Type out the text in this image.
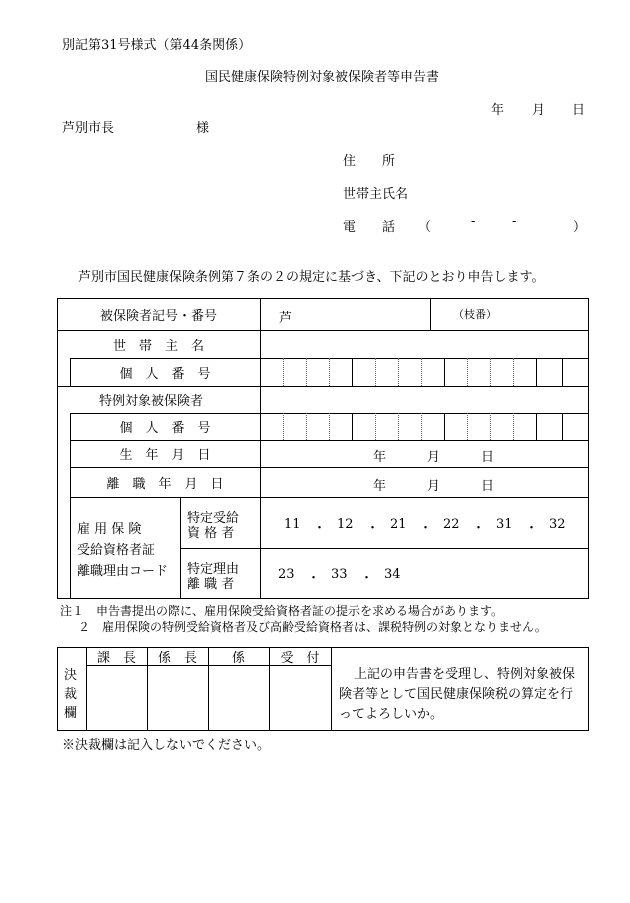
別記第31号様式（第44条関係）
国民健康保険特例対象被保険者等申告書
年 月 日
芦別市長	様
住　　所
世帯主氏名
電　　話 （	-	-	）
芦別市国民健康保険条例第７条の２の規定に基づき、下記のとおり申告します。
被保険者記号・番号	芦	（枝番）
世　帯　主　名
個　人　番　号
特例対象被保険者
個　人　番　号
生　年　月　日	年	月	日
離　職　年　月　日	年	月	日
雇 用 保 険
受給資格者証
離職理由コード
特定受給
資 格 者
11 ・ 12 ・ 21 ・ 22 ・ 31 ・ 32
特定理由
離 職 者
23 ・ 33 ・ 34
注１　申告書提出の際に、雇用保険受給資格者証の提示を求める場合があります。
２　雇用保険の特例受給資格者及び高齢受給資格者は、課税特例の対象となりません。
決
裁
欄
課　長	係　長	係	受　付
上記の申告書を受理し、特例対象被保
険者等として国民健康保険税の算定を行
ってよろしいか。
※決裁欄は記入しないでください。
